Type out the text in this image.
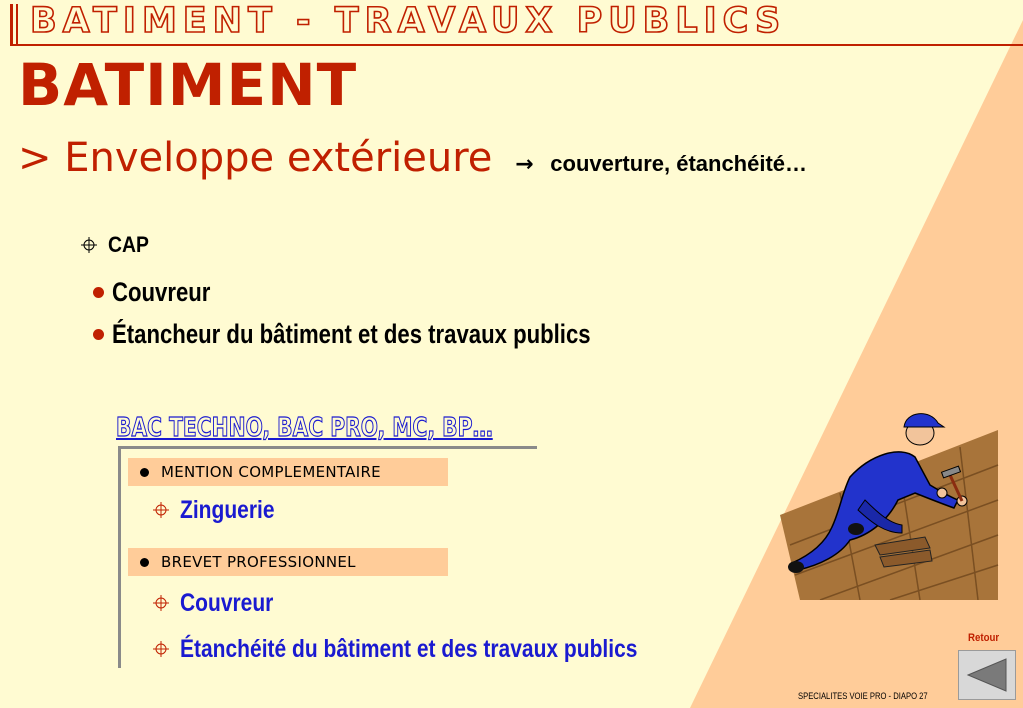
BATIMENT - TRAVAUX PUBLICS
BATIMENT
> Enveloppe extérieure → couverture, étanchéité…
CAP
Couvreur
Étancheur du bâtiment et des travaux publics
BAC TECHNO, BAC PRO, MC, BP…
MENTION COMPLEMENTAIRE
Zinguerie
BREVET PROFESSIONNEL
Couvreur
Étanchéité du bâtiment et des travaux publics	Retour
SPECIALITES VOIE PRO - DIAPO 27
